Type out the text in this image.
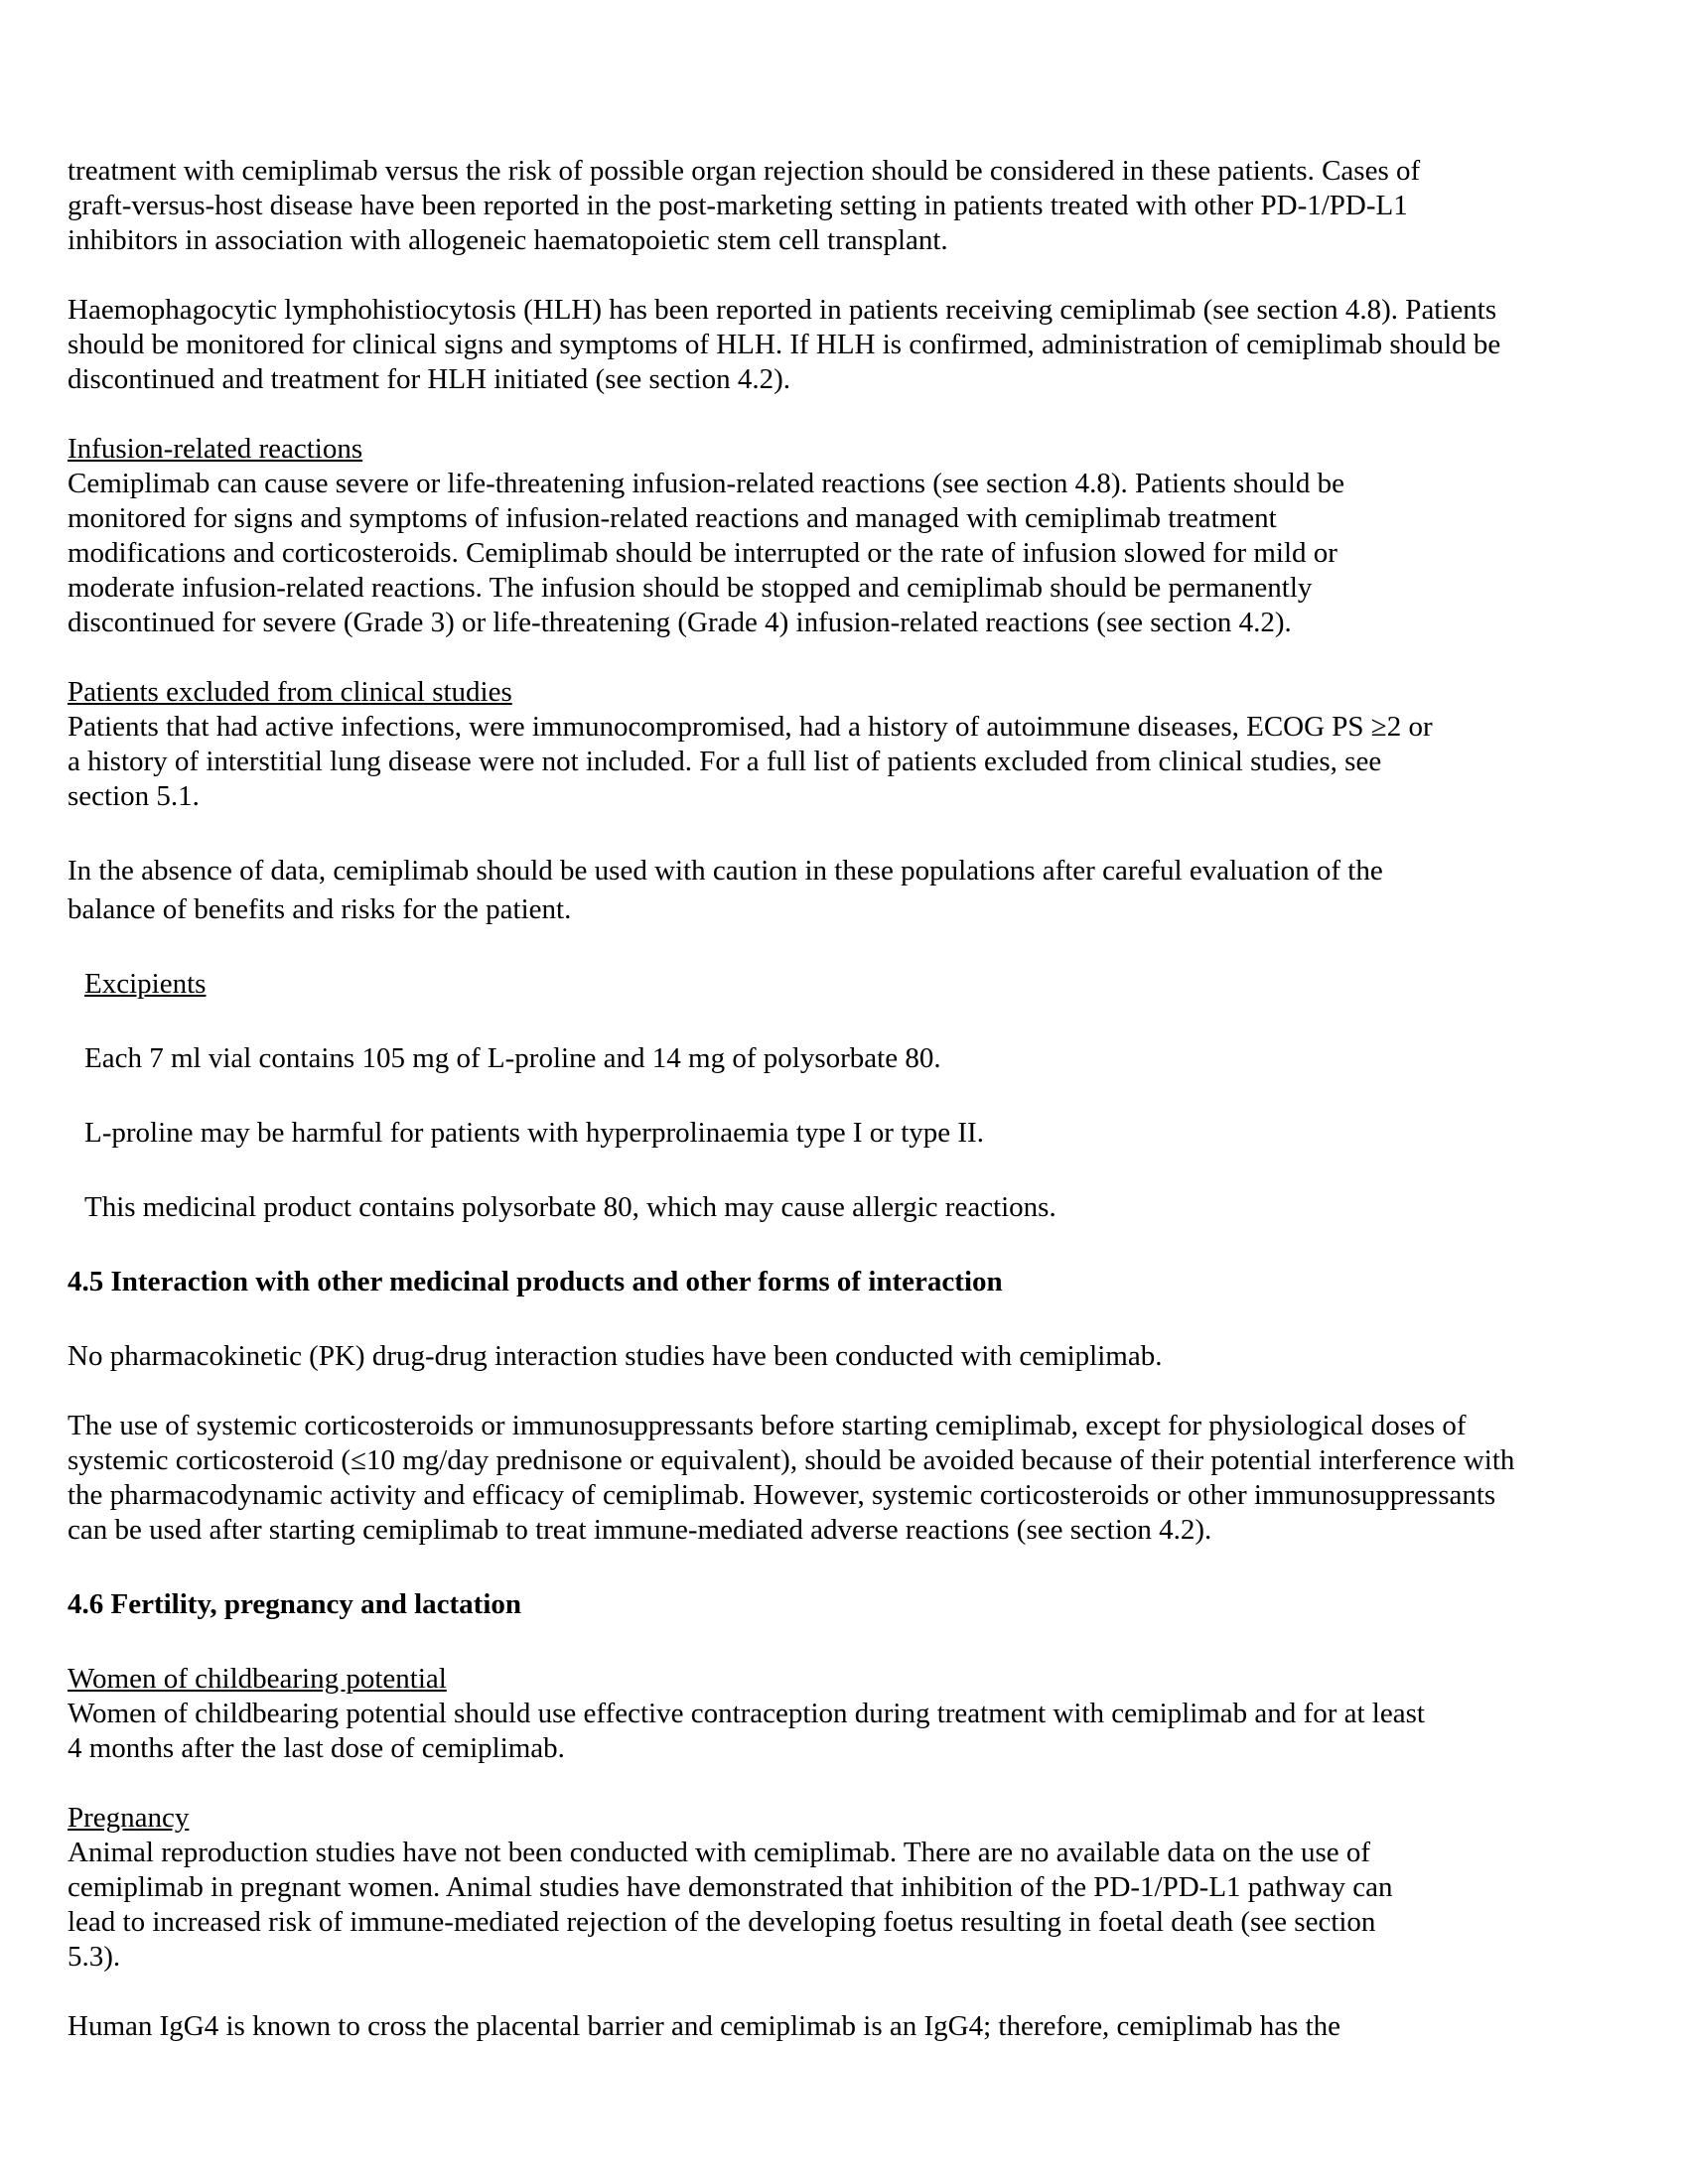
treatment with cemiplimab versus the risk of possible organ rejection should be considered in these patients. Cases of
graft-versus-host disease have been reported in the post-marketing setting in patients treated with other PD-1/PD-L1
inhibitors in association with allogeneic haematopoietic stem cell transplant.
Haemophagocytic lymphohistiocytosis (HLH) has been reported in patients receiving cemiplimab (see section 4.8). Patients
should be monitored for clinical signs and symptoms of HLH. If HLH is confirmed, administration of cemiplimab should be
discontinued and treatment for HLH initiated (see section 4.2).
Infusion-related reactions
Cemiplimab can cause severe or life-threatening infusion-related reactions (see section 4.8). Patients should be
monitored for signs and symptoms of infusion-related reactions and managed with cemiplimab treatment
modifications and corticosteroids. Cemiplimab should be interrupted or the rate of infusion slowed for mild or
moderate infusion-related reactions. The infusion should be stopped and cemiplimab should be permanently
discontinued for severe (Grade 3) or life-threatening (Grade 4) infusion-related reactions (see section 4.2).
Patients excluded from clinical studies
Patients that had active infections, were immunocompromised, had a history of autoimmune diseases, ECOG PS ≥2 or
a history of interstitial lung disease were not included. For a full list of patients excluded from clinical studies, see
section 5.1.
In the absence of data, cemiplimab should be used with caution in these populations after careful evaluation of the
balance of benefits and risks for the patient.
Excipients
Each 7 ml vial contains 105 mg of L-proline and 14 mg of polysorbate 80.
L-proline may be harmful for patients with hyperprolinaemia type I or type II.
This medicinal product contains polysorbate 80, which may cause allergic reactions.
4.5 Interaction with other medicinal products and other forms of interaction
No pharmacokinetic (PK) drug-drug interaction studies have been conducted with cemiplimab.
The use of systemic corticosteroids or immunosuppressants before starting cemiplimab, except for physiological doses of
systemic corticosteroid (≤10 mg/day prednisone or equivalent), should be avoided because of their potential interference with
the pharmacodynamic activity and efficacy of cemiplimab. However, systemic corticosteroids or other immunosuppressants
can be used after starting cemiplimab to treat immune-mediated adverse reactions (see section 4.2).
4.6 Fertility, pregnancy and lactation
Women of childbearing potential
Women of childbearing potential should use effective contraception during treatment with cemiplimab and for at least
4 months after the last dose of cemiplimab.
Pregnancy
Animal reproduction studies have not been conducted with cemiplimab. There are no available data on the use of
cemiplimab in pregnant women. Animal studies have demonstrated that inhibition of the PD-1/PD-L1 pathway can
lead to increased risk of immune-mediated rejection of the developing foetus resulting in foetal death (see section
5.3).
Human IgG4 is known to cross the placental barrier and cemiplimab is an IgG4; therefore, cemiplimab has the
